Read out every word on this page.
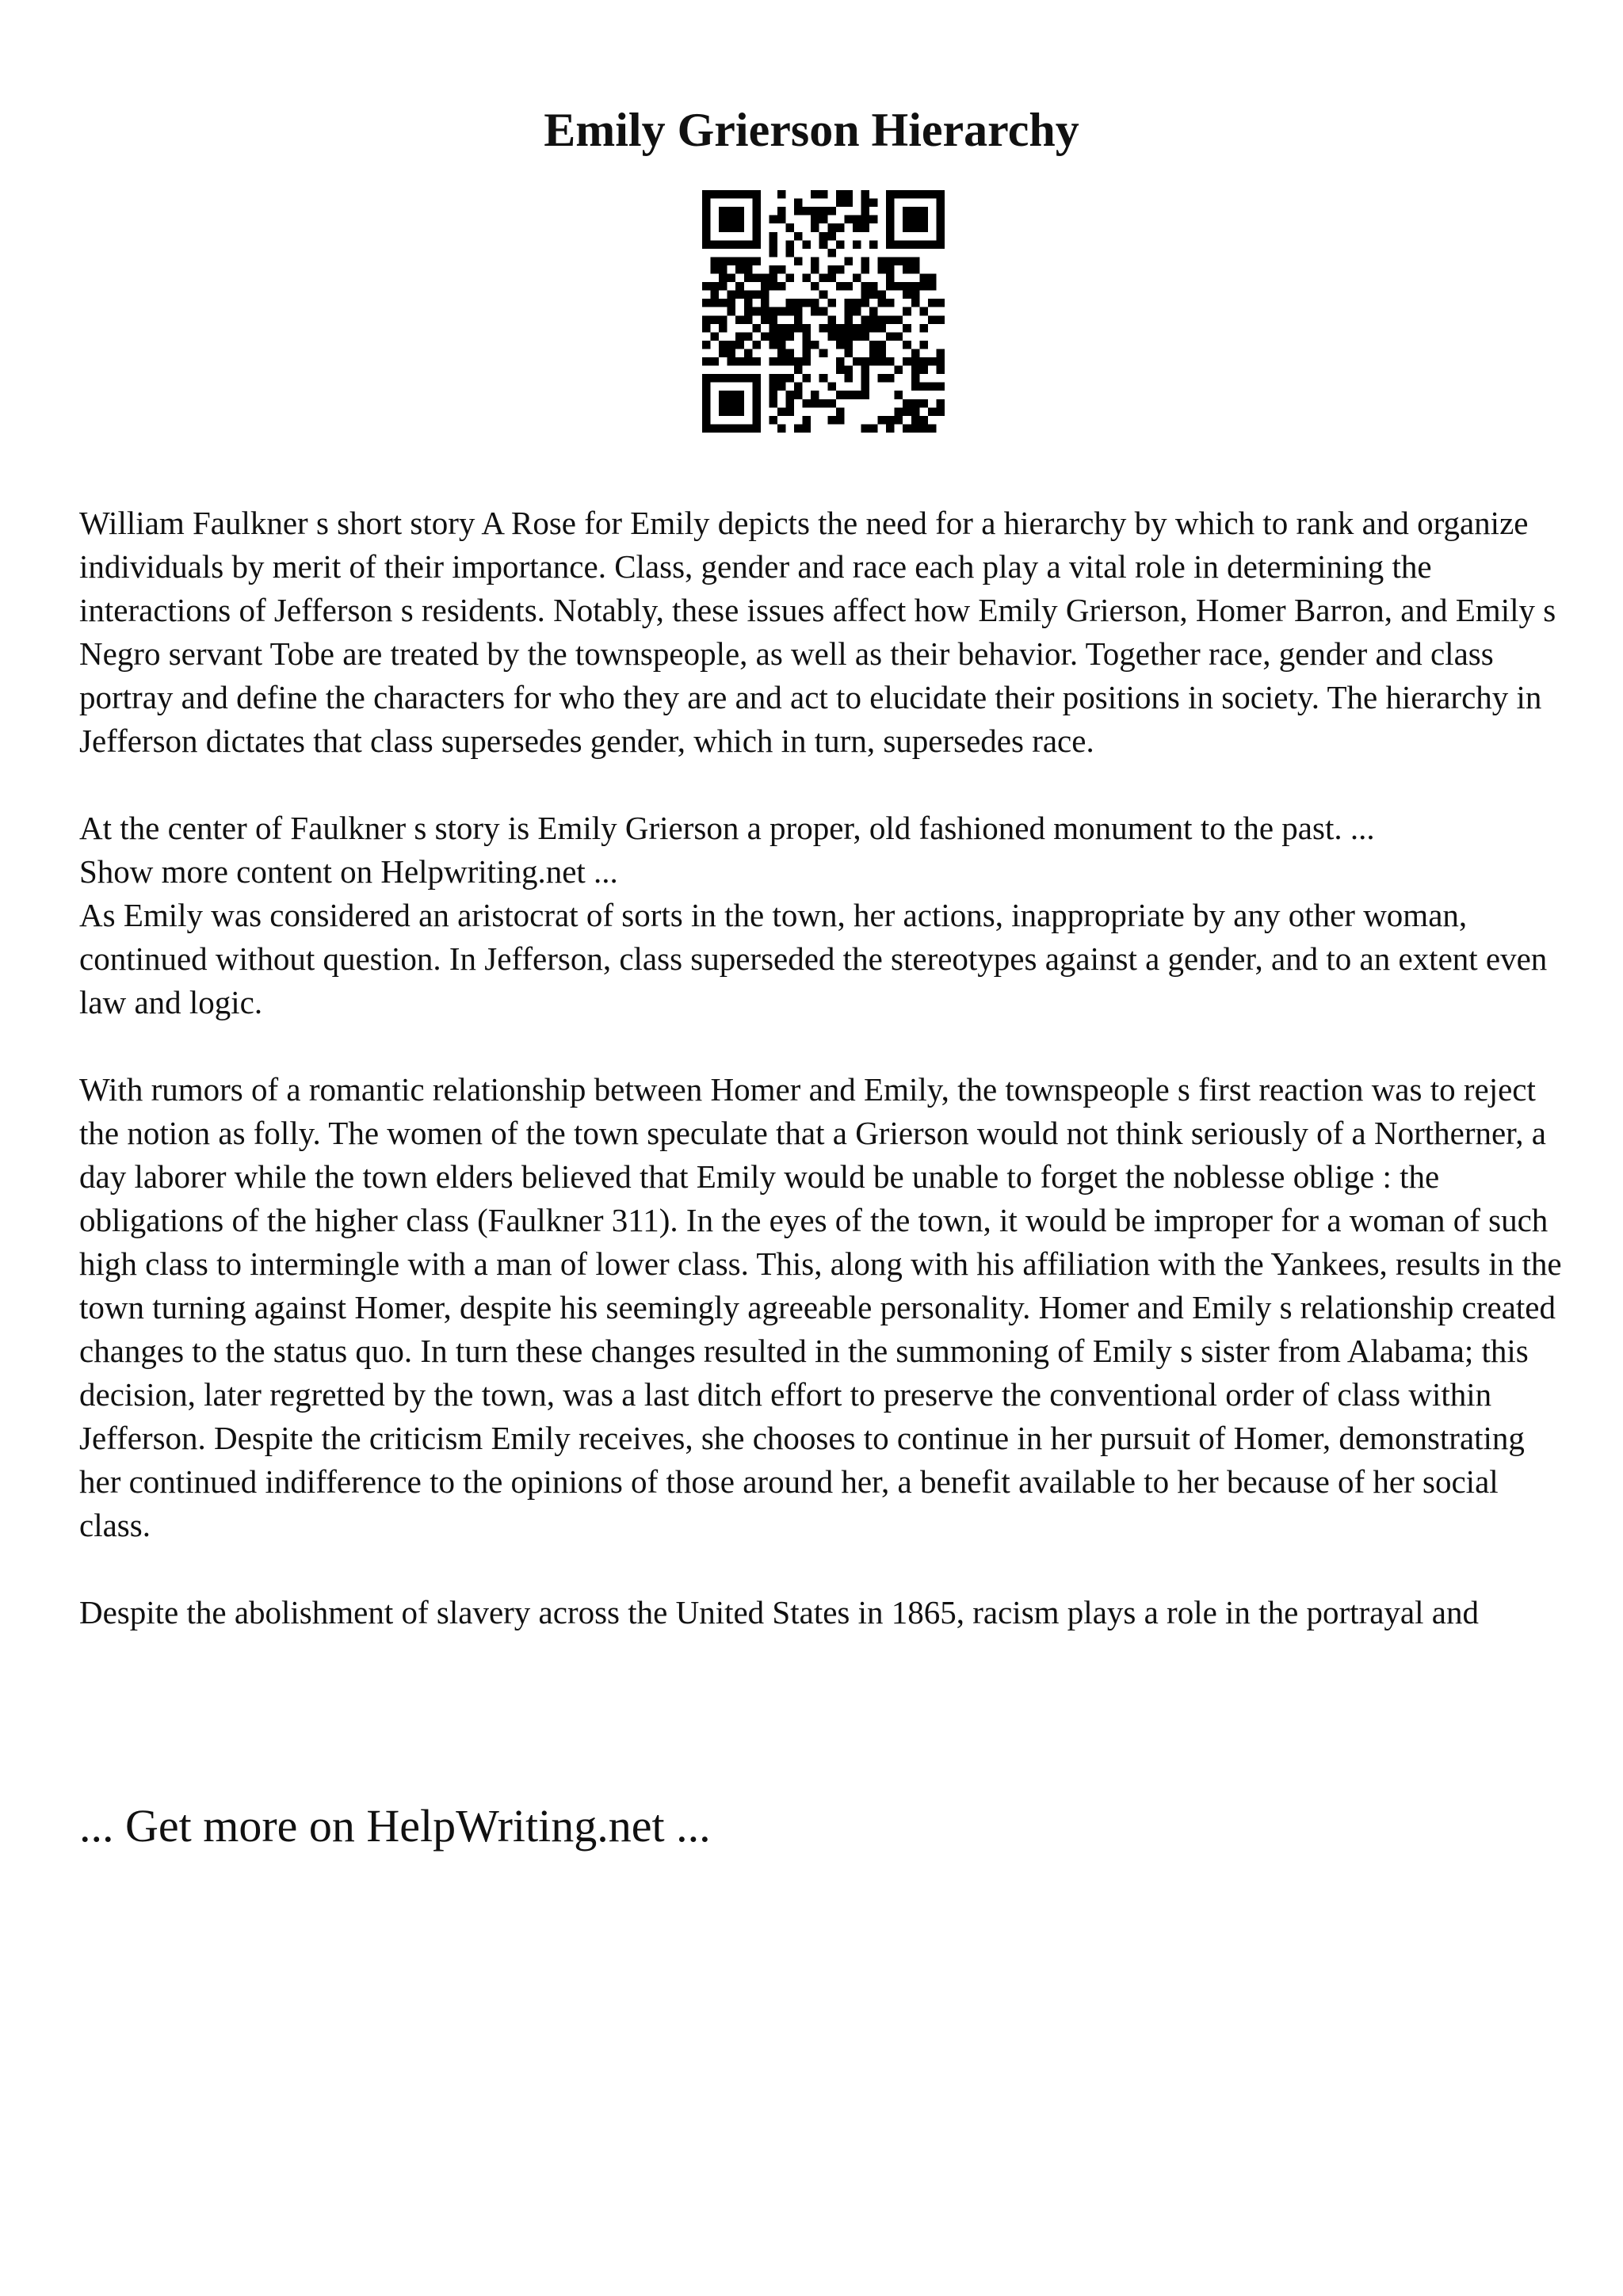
Emily Grierson Hierarchy

William Faulkner s short story A Rose for Emily depicts the need for a hierarchy by which to rank and organize individuals by merit of their importance. Class, gender and race each play a vital role in determining the interactions of Jefferson s residents. Notably, these issues affect how Emily Grierson, Homer Barron, and Emily s Negro servant Tobe are treated by the townspeople, as well as their behavior. Together race, gender and class portray and define the characters for who they are and act to elucidate their positions in society. The hierarchy in Jefferson dictates that class supersedes gender, which in turn, supersedes race.

At the center of Faulkner s story is Emily Grierson a proper, old fashioned monument to the past. ...

Show more content on Helpwriting.net ...

As Emily was considered an aristocrat of sorts in the town, her actions, inappropriate by any other woman, continued without question. In Jefferson, class superseded the stereotypes against a gender, and to an extent even law and logic.

With rumors of a romantic relationship between Homer and Emily, the townspeople s first reaction was to reject the notion as folly. The women of the town speculate that a Grierson would not think seriously of a Northerner, a day laborer while the town elders believed that Emily would be unable to forget the noblesse oblige : the obligations of the higher class (Faulkner 311). In the eyes of the town, it would be improper for a woman of such high class to intermingle with a man of lower class. This, along with his affiliation with the Yankees, results in the town turning against Homer, despite his seemingly agreeable personality. Homer and Emily s relationship created changes to the status quo. In turn these changes resulted in the summoning of Emily s sister from Alabama; this decision, later regretted by the town, was a last ditch effort to preserve the conventional order of class within Jefferson. Despite the criticism Emily receives, she chooses to continue in her pursuit of Homer, demonstrating her continued indifference to the opinions of those around her, a benefit available to her because of her social class.

Despite the abolishment of slavery across the United States in 1865, racism plays a role in the portrayal and

... Get more on HelpWriting.net ...
